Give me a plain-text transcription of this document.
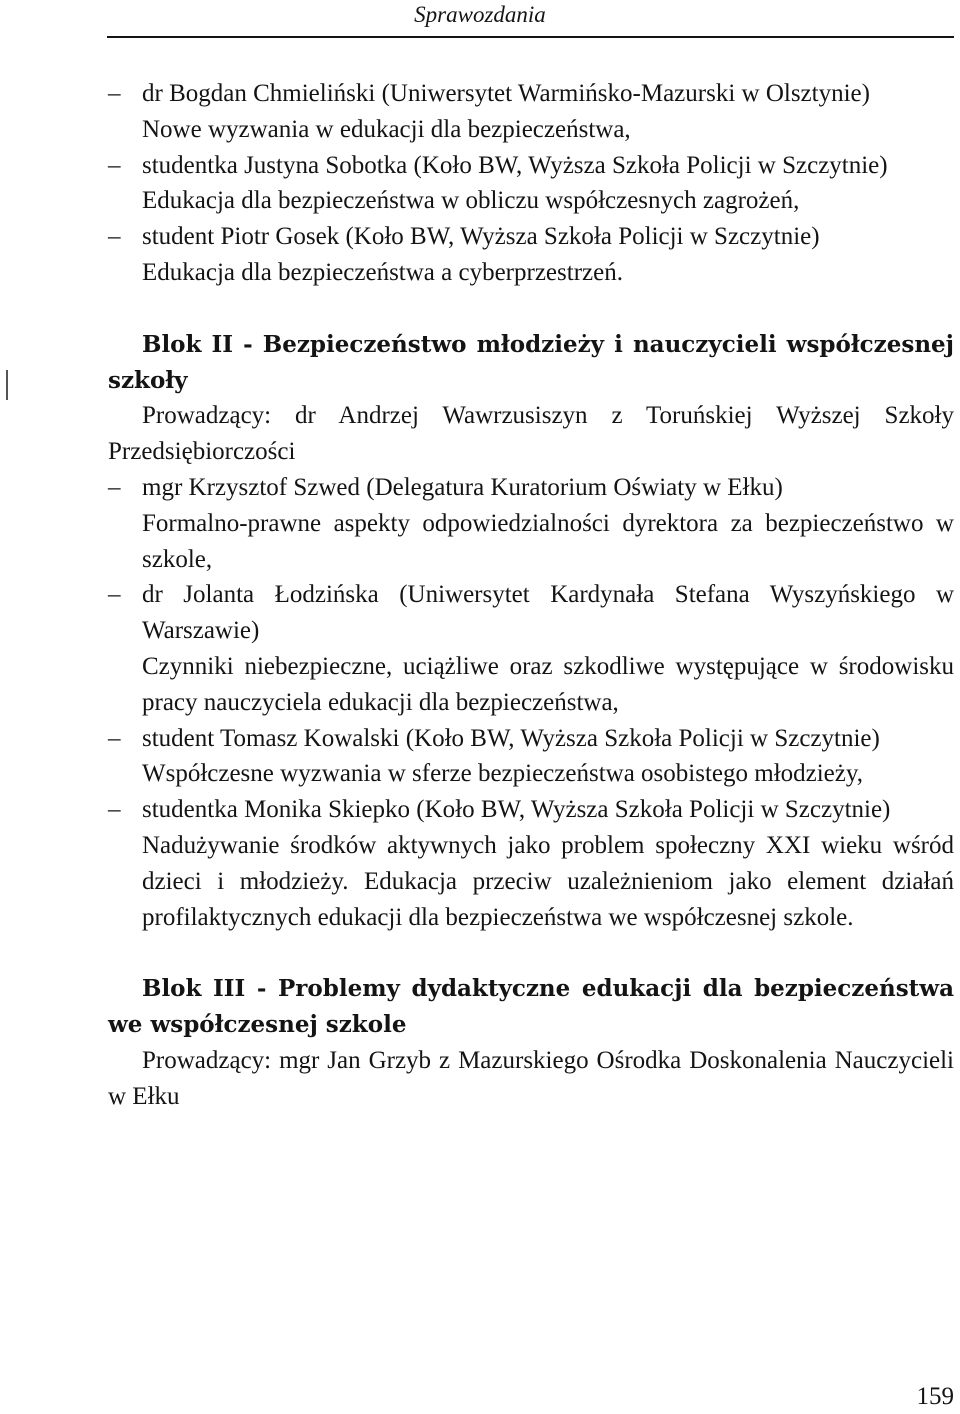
Sprawozdania
– dr Bogdan Chmieliński (Uniwersytet Warmińsko-Mazurski w Olsztynie)
Nowe wyzwania w edukacji dla bezpieczeństwa,
– studentka Justyna Sobotka (Koło BW, Wyższa Szkoła Policji w Szczytnie)
Edukacja dla bezpieczeństwa w obliczu współczesnych zagrożeń,
– student Piotr Gosek (Koło BW, Wyższa Szkoła Policji w Szczytnie)
Edukacja dla bezpieczeństwa a cyberprzestrzeń.
Blok II - Bezpieczeństwo młodzieży i nauczycieli współczesnej szkoły
Prowadzący: dr Andrzej Wawrzusiszyn z Toruńskiej Wyższej Szkoły Przedsiębiorczości
– mgr Krzysztof Szwed (Delegatura Kuratorium Oświaty w Ełku)
Formalno-prawne aspekty odpowiedzialności dyrektora za bezpieczeństwo w szkole,
– dr Jolanta Łodzińska (Uniwersytet Kardynała Stefana Wyszyńskiego w Warszawie)
Czynniki niebezpieczne, uciążliwe oraz szkodliwe występujące w środowisku pracy nauczyciela edukacji dla bezpieczeństwa,
– student Tomasz Kowalski (Koło BW, Wyższa Szkoła Policji w Szczytnie)
Współczesne wyzwania w sferze bezpieczeństwa osobistego młodzieży,
– studentka Monika Skiepko (Koło BW, Wyższa Szkoła Policji w Szczytnie)
Nadużywanie środków aktywnych jako problem społeczny XXI wieku wśród dzieci i młodzieży. Edukacja przeciw uzależnieniom jako element działań profilaktycznych edukacji dla bezpieczeństwa we współczesnej szkole.
Blok III - Problemy dydaktyczne edukacji dla bezpieczeństwa we współczesnej szkole
Prowadzący: mgr Jan Grzyb z Mazurskiego Ośrodka Doskonalenia Nauczycieli w Ełku
159
